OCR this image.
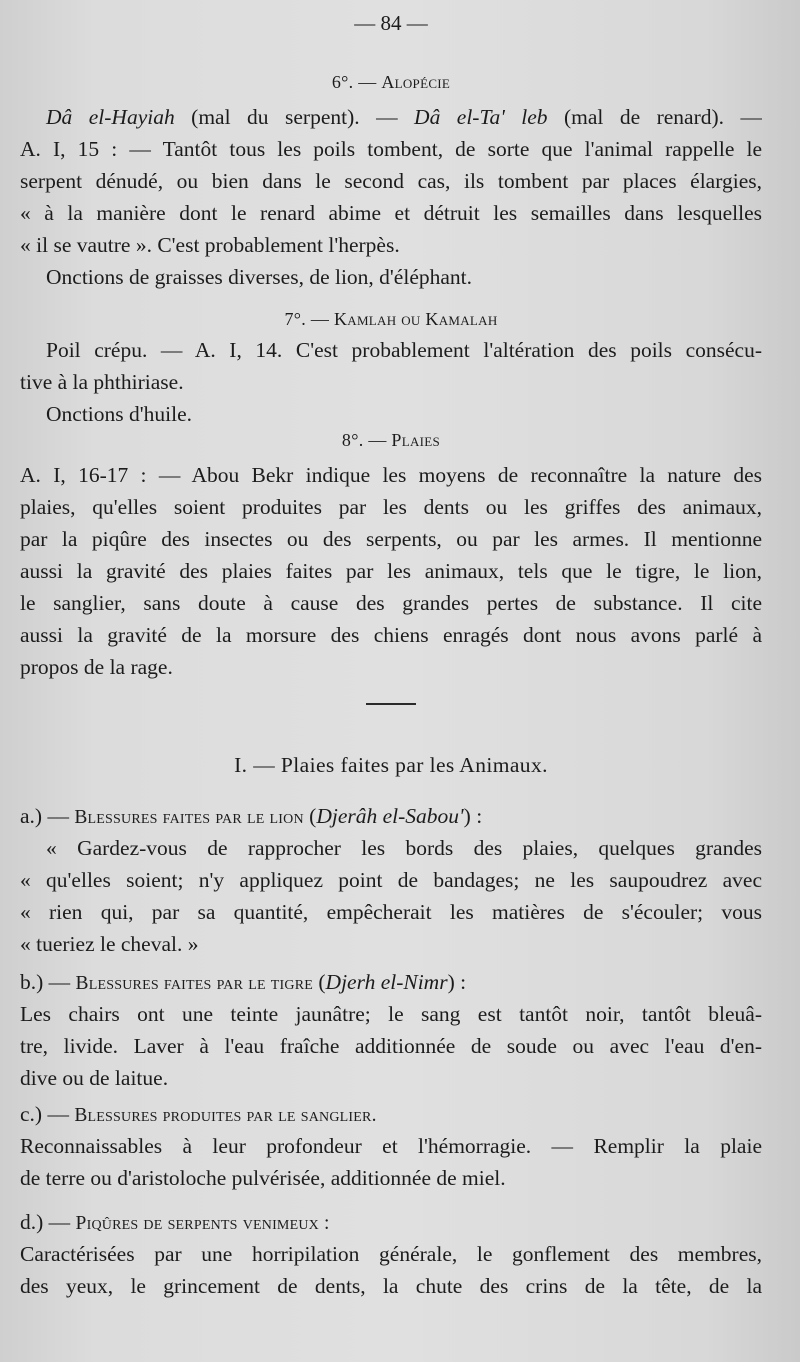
— 84 —
6°. — Alopécie
Dâ el-Hayiah (mal du serpent). — Dâ el-Ta' leb (mal de renard). —
A. I, 15 : — Tantôt tous les poils tombent, de sorte que l'animal rappelle le
serpent dénudé, ou bien dans le second cas, ils tombent par places élargies,
« à la manière dont le renard abime et détruit les semailles dans lesquelles
« il se vautre ». C'est probablement l'herpès.
Onctions de graisses diverses, de lion, d'éléphant.
7°. — Kamlah ou Kamalah
Poil crépu. — A. I, 14. C'est probablement l'altération des poils consécu-
tive à la phthiriase.
Onctions d'huile.
8°. — Plaies
A. I, 16-17 : — Abou Bekr indique les moyens de reconnaître la nature des
plaies, qu'elles soient produites par les dents ou les griffes des animaux,
par la piqûre des insectes ou des serpents, ou par les armes. Il mentionne
aussi la gravité des plaies faites par les animaux, tels que le tigre, le lion,
le sanglier, sans doute à cause des grandes pertes de substance. Il cite
aussi la gravité de la morsure des chiens enragés dont nous avons parlé à
propos de la rage.
I. — Plaies faites par les Animaux.
a.) — Blessures faites par le lion (Djerâh el-Sabou') :
« Gardez-vous de rapprocher les bords des plaies, quelques grandes
« qu'elles soient; n'y appliquez point de bandages; ne les saupoudrez avec
« rien qui, par sa quantité, empêcherait les matières de s'écouler; vous
« tueriez le cheval. »
b.) — Blessures faites par le tigre (Djerh el-Nimr) :
Les chairs ont une teinte jaunâtre; le sang est tantôt noir, tantôt bleuâ-
tre, livide. Laver à l'eau fraîche additionnée de soude ou avec l'eau d'en-
dive ou de laitue.
c.) — Blessures produites par le sanglier.
Reconnaissables à leur profondeur et l'hémorragie. — Remplir la plaie
de terre ou d'aristoloche pulvérisée, additionnée de miel.
d.) — Piqûres de serpents venimeux :
Caractérisées par une horripilation générale, le gonflement des membres,
des yeux, le grincement de dents, la chute des crins de la tête, de la
